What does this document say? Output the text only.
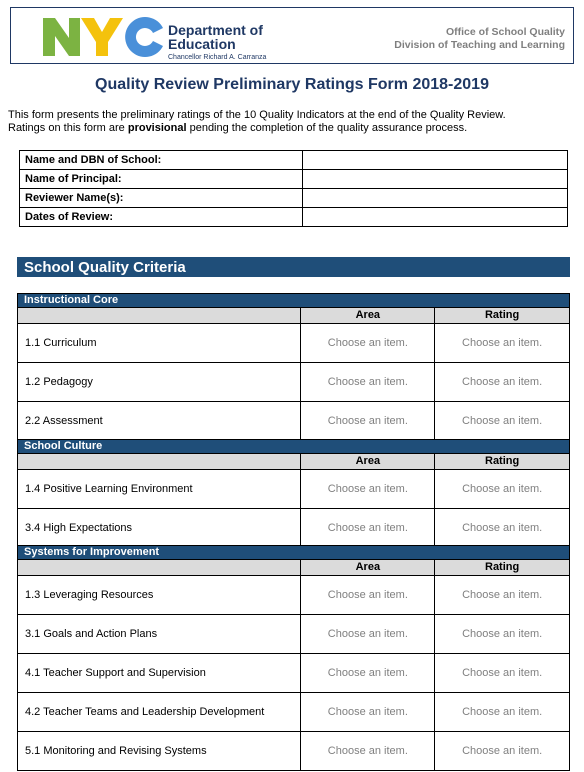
Department of Education
Chancellor Richard A. Carranza
Office of School Quality
Division of Teaching and Learning
Quality Review Preliminary Ratings Form 2018-2019
This form presents the preliminary ratings of the 10 Quality Indicators at the end of the Quality Review.
Ratings on this form are provisional pending the completion of the quality assurance process.
Name and DBN of School:	
Name of Principal:	
Reviewer Name(s):	
Dates of Review:	
School Quality Criteria
Instructional Core		
	Area	Rating
1.1 Curriculum	Choose an item.	Choose an item.
1.2 Pedagogy	Choose an item.	Choose an item.
2.2 Assessment	Choose an item.	Choose an item.
School Culture		
	Area	Rating
1.4 Positive Learning Environment	Choose an item.	Choose an item.
3.4 High Expectations	Choose an item.	Choose an item.
Systems for Improvement		
	Area	Rating
1.3 Leveraging Resources	Choose an item.	Choose an item.
3.1 Goals and Action Plans	Choose an item.	Choose an item.
4.1 Teacher Support and Supervision	Choose an item.	Choose an item.
4.2 Teacher Teams and Leadership Development	Choose an item.	Choose an item.
5.1 Monitoring and Revising Systems	Choose an item.	Choose an item.
